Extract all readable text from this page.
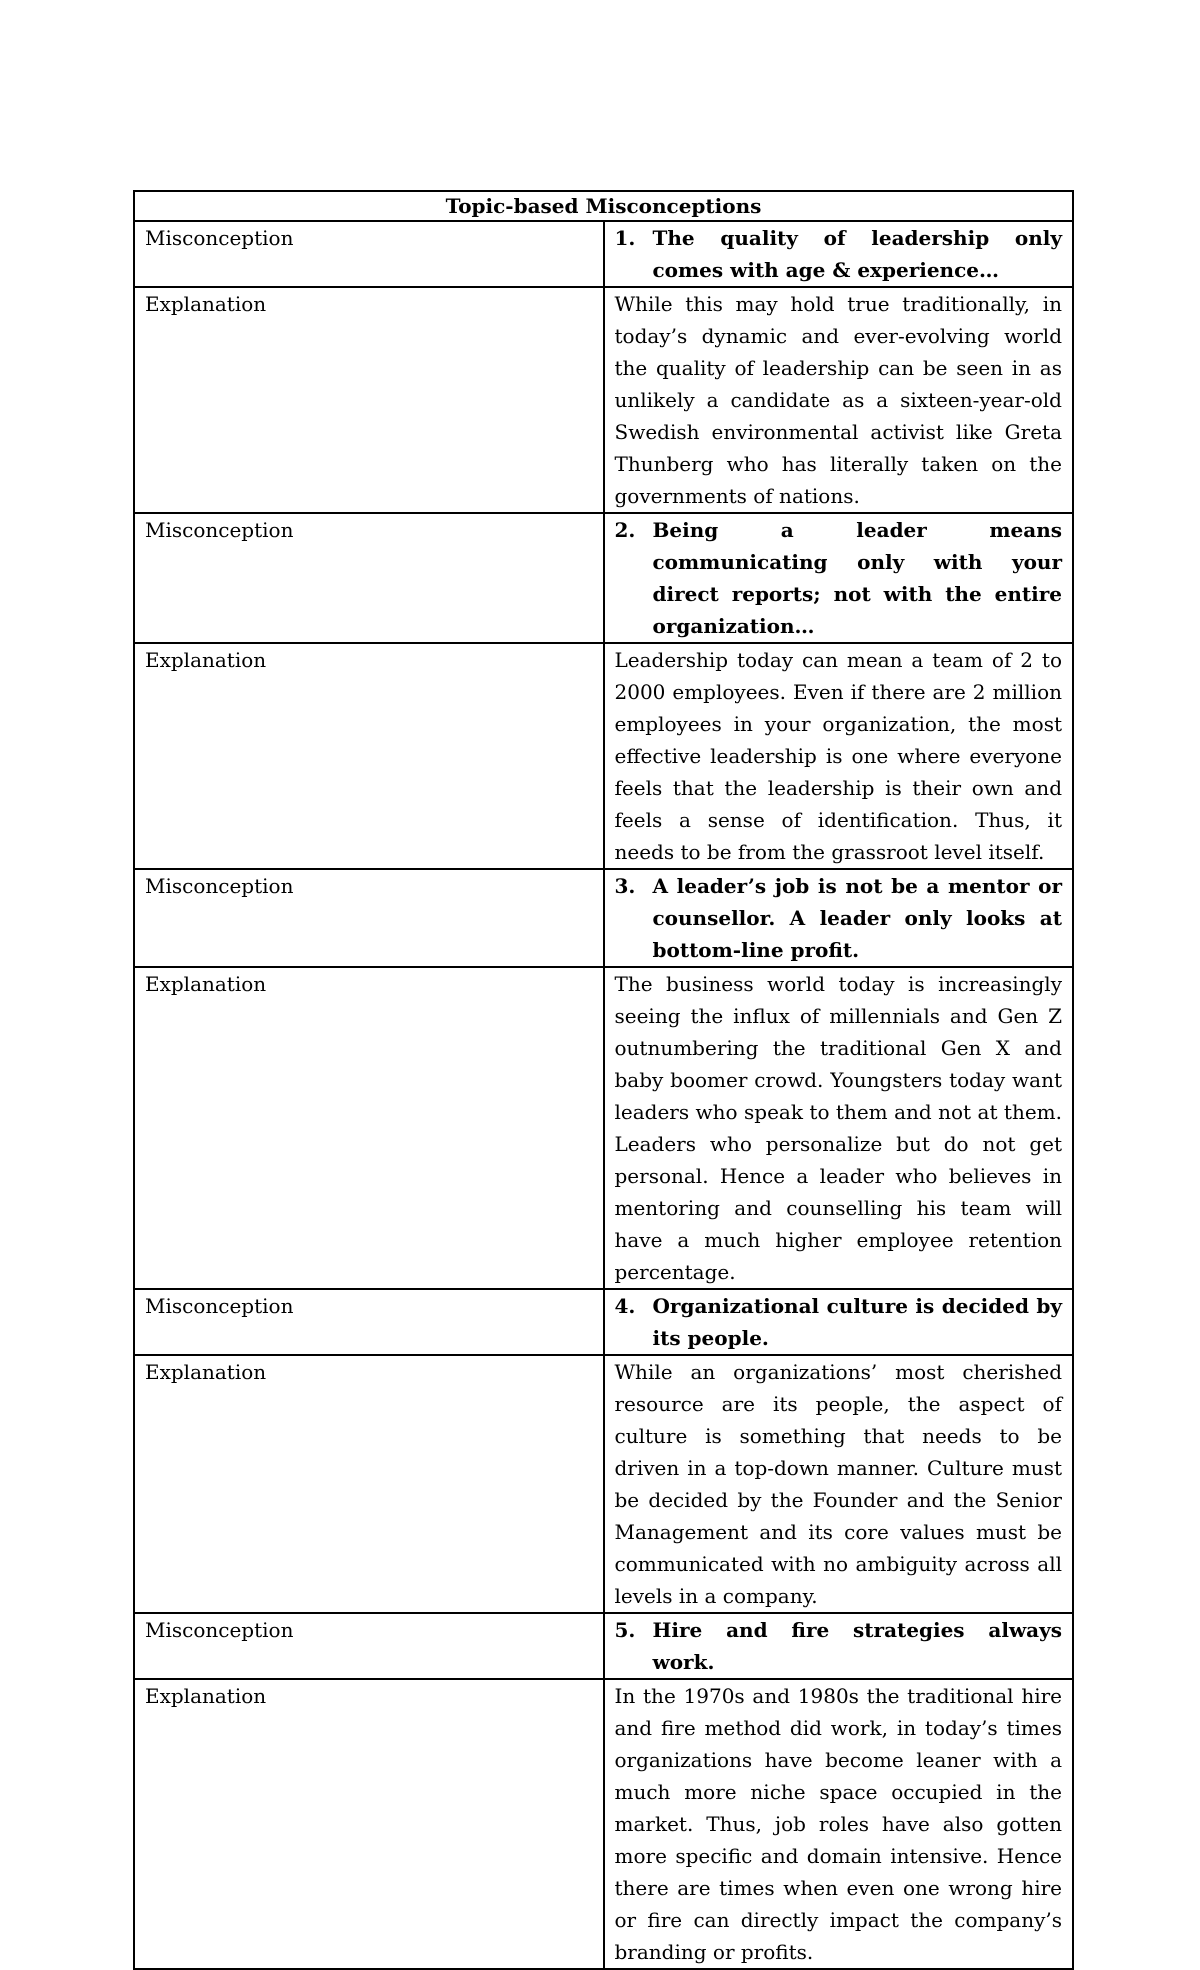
Topic-based Misconceptions	
Misconception	1. The quality of leadership only comes with age & experience…

Explanation	While this may hold true traditionally, in today’s dynamic and ever-evolving world the quality of leadership can be seen in as unlikely a candidate as a sixteen-year-old Swedish environmental activist like Greta Thunberg who has literally taken on the governments of nations.
Misconception	2. Being a leader means communicating only with your direct reports; not with the entire organization…

Explanation	Leadership today can mean a team of 2 to 2000 employees. Even if there are 2 million employees in your organization, the most effective leadership is one where everyone feels that the leadership is their own and feels a sense of identification. Thus, it needs to be from the grassroot level itself.
Misconception	3. A leader’s job is not be a mentor or counsellor. A leader only looks at bottom-line profit.

Explanation	The business world today is increasingly seeing the influx of millennials and Gen Z outnumbering the traditional Gen X and baby boomer crowd. Youngsters today want leaders who speak to them and not at them. Leaders who personalize but do not get personal. Hence a leader who believes in mentoring and counselling his team will have a much higher employee retention percentage.
Misconception	4. Organizational culture is decided by its people.

Explanation	While an organizations’ most cherished resource are its people, the aspect of culture is something that needs to be driven in a top-down manner. Culture must be decided by the Founder and the Senior Management and its core values must be communicated with no ambiguity across all levels in a company.
Misconception	5. Hire and fire strategies always work.

Explanation	In the 1970s and 1980s the traditional hire and fire method did work, in today’s times organizations have become leaner with a much more niche space occupied in the market. Thus, job roles have also gotten more specific and domain intensive. Hence there are times when even one wrong hire or fire can directly impact the company’s branding or profits.
